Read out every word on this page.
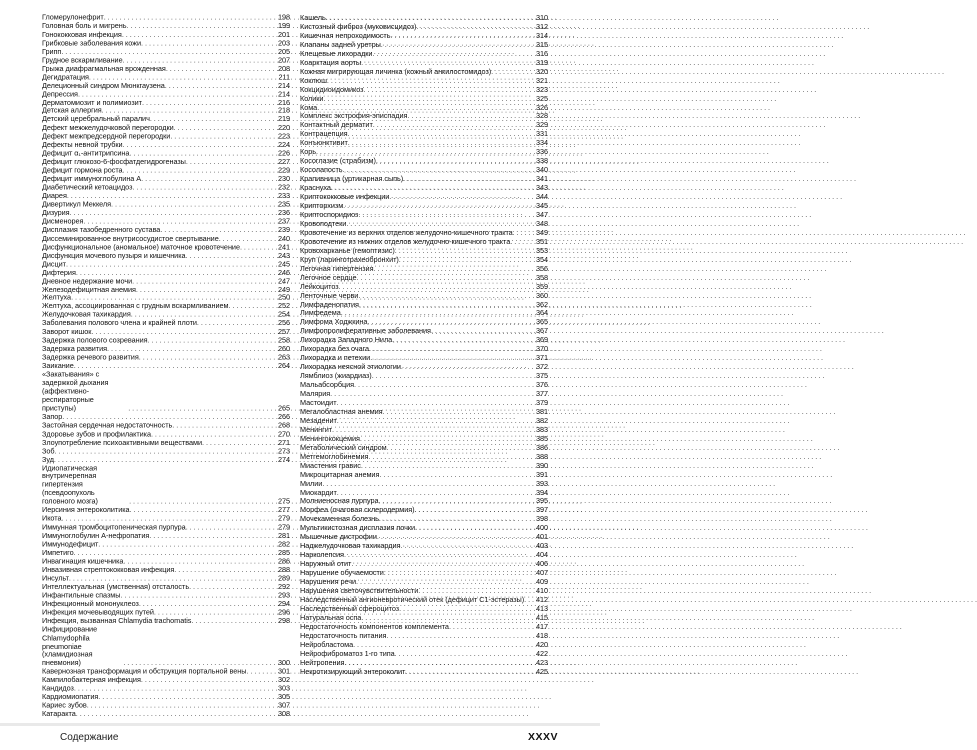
Гломерулонефрит . . .	198
Головная боль и мигрень . . .	199
Гонококковая инфекция . . .	201
Грибковые заболевания кожи . . .	203
Грипп . . .	205
Грудное вскармливание . . .	207
Грыжа диафрагмальная врожденная . . .	208
Дегидратация . . .	211
Делеционный синдром Мюнкгаузена . . .	214
Депрессия . . .	214
Дерматомиозит и полимиозит . . .	216
Детская аллергия . . .	218
Детский церебральный паралич . . .	219
Дефект межжелудочковой перегородки . . .	220
Дефект межпредсердной перегородки . . .	223
Дефекты невной трубки . . .	224
Дефицит α₁-антитрипсина . . .	226
Дефицит глюкозо-6-фосфатдегидрогеназы . . .	227
Дефицит гормона роста . . .	229
Дефицит иммуноглобулина А . . .	230
Диабетический кетоацидоз . . .	232
Диарея . . .	233
Дивертикул Меккеля . . .	235
Дизурия . . .	236
Дисменорея . . .	237
Дисплазия тазобедренного сустава . . .	239
Диссеминированное внутрисосудистое свертывание . . .	240
Дисфункциональное (аномальное) маточное кровотечение . . .	241
Дисфункция мочевого пузыря и кишечника . . .	243
Дисцит . . .	245
Дифтерия . . .	246
Дневное недержание мочи . . .	247
Железодефицитная анемия . . .	249
Желтуха . . .	250
Желтуха, ассоциированная с грудным вскармливанием . . .	252
Желудочковая тахикардия . . .	254
Заболевания полового члена и крайней плоти . . .	256
Заворот кишок . . .	257
Задержка полового созревания . . .	258
Задержка развития . . .	260
Задержка речевого развития . . .	263
Заикание . . .	264
«Закатывания» с задержкой дыхания (аффективно-респираторные приступы) . . .	265
Запор . . .	266
Застойная сердечная недостаточность . . .	268
Здоровье зубов и профилактика . . .	270
Злоупотребление психоактивными веществами . . .	271
Зоб . . .	273
Зуд . . .	274
Идиопатическая внутричерепная гипертензия (псевдоопухоль головного мозга) . . .	275
Иерсиния энтероколитика . . .	277
Икота . . .	279
Иммунная тромбоцитопеническая пурпура . . .	279
Иммуноглобулин А-нефропатия . . .	281
Иммунодефицит . . .	282
Импетиго . . .	285
Инвагинация кишечника . . .	286
Инвазивная стрептококковая инфекция . . .	288
Инсульт . . .	289
Интеллектуальная (умственная) отсталость . . .	292
Инфантильные спазмы . . .	293
Инфекционный мононуклеоз . . .	294
Инфекция мочевыводящих путей . . .	296
Инфекция, вызванная Chlamydia trachomatis . . .	298
Инфицирование Chlamydophila pneumoniae (хламидиозная пневмония) . . .	300
Кавернозная трансформация и обструкция портальной вены . . .	301
Кампилобактерная инфекция . . .	302
Кандидоз . . .	303
Кардиомиопатия . . .	305
Кариес зубов . . .	307
Катаракта . . .	308
Кашель . . .	310
Кистозный фиброз (муковисцидоз) . . .	312
Кишечная непроходимость . . .	314
Клапаны задней уретры . . .	315
Клещевые лихорадки . . .	316
Коарктация аорты . . .	319
Кожная мигрирующая личинка (кожный анкилостомидоз) . . .	320
Коклюш . . .	321
Кокцидиоидомикоз . . .	323
Колики . . .	325
Кома . . .	326
Комплекс экстрофия-эписпадия . . .	328
Контактный дерматит . . .	329
Контрацепция . . .	331
Конъюнктивит . . .	334
Корь . . .	336
Косоглазие (страбизм) . . .	338
Косолапость . . .	340
Крапивница (уртикарная сыпь) . . .	341
Краснуха . . .	343
Криптококковые инфекции . . .	344
Крипторхизм . . .	345
Криптоспоридиоз . . .	347
Кровоподтеки . . .	348
Кровотечение из верхних отделов желудочно-кишечного тракта . . .	349
Кровотечение из нижних отделов желудочно-кишечного тракта . . .	351
Кровохарканье (гемоптизис) . . .	353
Круп (ларинготрахеобронхит) . . .	354
Легочная гипертензия . . .	356
Легочное сердце . . .	358
Лейкоцитоз . . .	359
Ленточные черви . . .	360
Лимфаденопатия . . .	362
Лимфедема . . .	364
Лимфома Ходжкина . . .	365
Лимфопролиферативные заболевания . . .	367
Лихорадка Западного Нила . . .	369
Лихорадка без очага . . .	370
Лихорадка и петехии . . .	371
Лихорадка неясной этиологии . . .	372
Лямблиоз (жиардиаз) . . .	375
Мальабсорбция . . .	376
Малярия . . .	377
Мастоидит . . .	379
Мегалобластная анемия . . .	381
Мезаденит . . .	382
Менингит . . .	383
Менингококцемия . . .	385
Метаболический синдром . . .	386
Метгемоглобинемия . . .	388
Миастения гравис . . .	390
Микроцитарная анемия . . .	391
Милии . . .	393
Миокардит . . .	394
Молниеносная пурпура . . .	395
Морфеа (очаговая склеродермия) . . .	397
Мочекаменная болезнь . . .	398
Мультикистозная дисплазия почки . . .	400
Мышечные дистрофии . . .	401
Наджелудочковая тахикардия . . .	403
Нарколепсия . . .	404
Наружный отит . . .	406
Нарушение обучаемости . . .	407
Нарушения речи . . .	409
Нарушения светочувствительности . . .	410
Наследственный ангионевротический отек (дефицит C1-эстеразы) . . . 412
Наследственный сфероцитоз . . .	413
Натуральная оспа . . .	415
Недостаточность компонентов комплемента . . .	417
Недостаточность питания . . .	418
Нейробластома . . .	420
Нейрофиброматоз 1-го типа . . .	422
Нейтропения . . .	423
Некротизирующий энтероколит . . .	425
Содержание	XXXV
